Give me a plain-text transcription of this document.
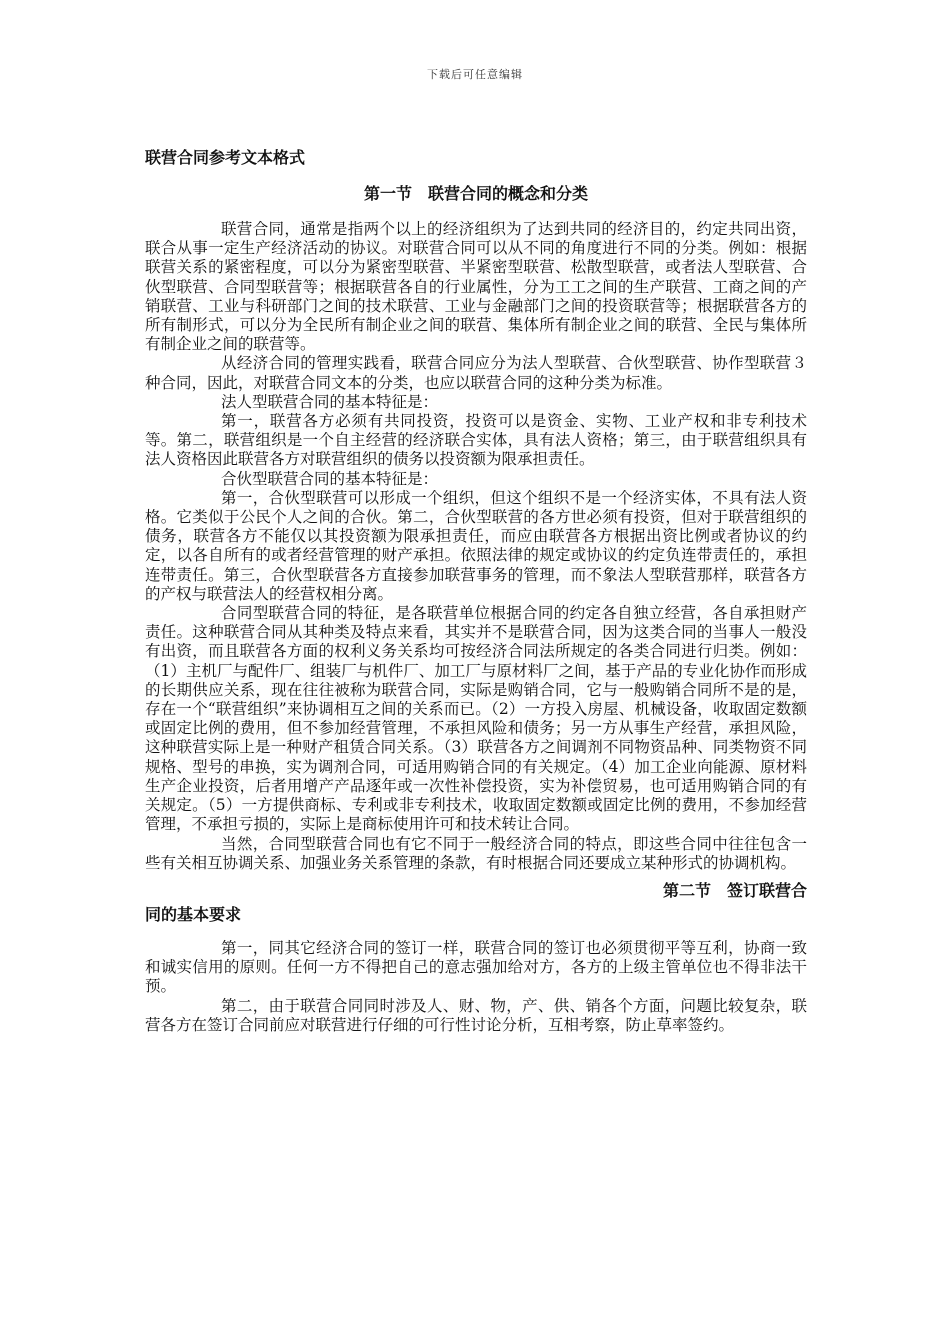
下载后可任意编辑

联营合同参考文本格式

第一节　联营合同的概念和分类

联营合同，通常是指两个以上的经济组织为了达到共同的经济目的，约定共同出资，联合从事一定生产经济活动的协议。对联营合同可以从不同的角度进行不同的分类。例如：根据联营关系的紧密程度，可以分为紧密型联营、半紧密型联营、松散型联营，或者法人型联营、合伙型联营、合同型联营等；根据联营各自的行业属性，分为工工之间的生产联营、工商之间的产销联营、工业与科研部门之间的技术联营、工业与金融部门之间的投资联营等；根据联营各方的所有制形式，可以分为全民所有制企业之间的联营、集体所有制企业之间的联营、全民与集体所有制企业之间的联营等。

从经济合同的管理实践看，联营合同应分为法人型联营、合伙型联营、协作型联营３种合同，因此，对联营合同文本的分类，也应以联营合同的这种分类为标准。

法人型联营合同的基本特征是：

第一，联营各方必须有共同投资，投资可以是资金、实物、工业产权和非专利技术等。第二，联营组织是一个自主经营的经济联合实体，具有法人资格；第三，由于联营组织具有法人资格因此联营各方对联营组织的债务以投资额为限承担责任。

合伙型联营合同的基本特征是：

第一，合伙型联营可以形成一个组织，但这个组织不是一个经济实体，不具有法人资格。它类似于公民个人之间的合伙。第二，合伙型联营的各方世必须有投资，但对于联营组织的债务，联营各方不能仅以其投资额为限承担责任，而应由联营各方根据出资比例或者协议的约定，以各自所有的或者经营管理的财产承担。依照法律的规定或协议的约定负连带责任的，承担连带责任。第三，合伙型联营各方直接参加联营事务的管理，而不象法人型联营那样，联营各方的产权与联营法人的经营权相分离。

合同型联营合同的特征，是各联营单位根据合同的约定各自独立经营，各自承担财产责任。这种联营合同从其种类及特点来看，其实并不是联营合同，因为这类合同的当事人一般没有出资，而且联营各方面的权利义务关系均可按经济合同法所规定的各类合同进行归类。例如：（1）主机厂与配件厂、组装厂与机件厂、加工厂与原材料厂之间，基于产品的专业化协作而形成的长期供应关系，现在往往被称为联营合同，实际是购销合同，它与一般购销合同所不是的是，存在一个“联营组织”来协调相互之间的关系而已。（2）一方投入房屋、机械设备，收取固定数额或固定比例的费用，但不参加经营管理，不承担风险和债务；另一方从事生产经营，承担风险，这种联营实际上是一种财产租赁合同关系。（3）联营各方之间调剂不同物资品种、同类物资不同规格、型号的串换，实为调剂合同，可适用购销合同的有关规定。（4）加工企业向能源、原材料生产企业投资，后者用增产产品逐年或一次性补偿投资，实为补偿贸易，也可适用购销合同的有关规定。（5）一方提供商标、专利或非专利技术，收取固定数额或固定比例的费用，不参加经营管理，不承担亏损的，实际上是商标使用许可和技术转让合同。

当然，合同型联营合同也有它不同于一般经济合同的特点，即这些合同中往往包含一些有关相互协调关系、加强业务关系管理的条款，有时根据合同还要成立某种形式的协调机构。

第二节　签订联营合
同的基本要求

第一，同其它经济合同的签订一样，联营合同的签订也必须贯彻平等互利，协商一致和诚实信用的原则。任何一方不得把自己的意志强加给对方，各方的上级主管单位也不得非法干预。

第二，由于联营合同同时涉及人、财、物，产、供、销各个方面，问题比较复杂，联营各方在签订合同前应对联营进行仔细的可行性讨论分析，互相考察，防止草率签约。
